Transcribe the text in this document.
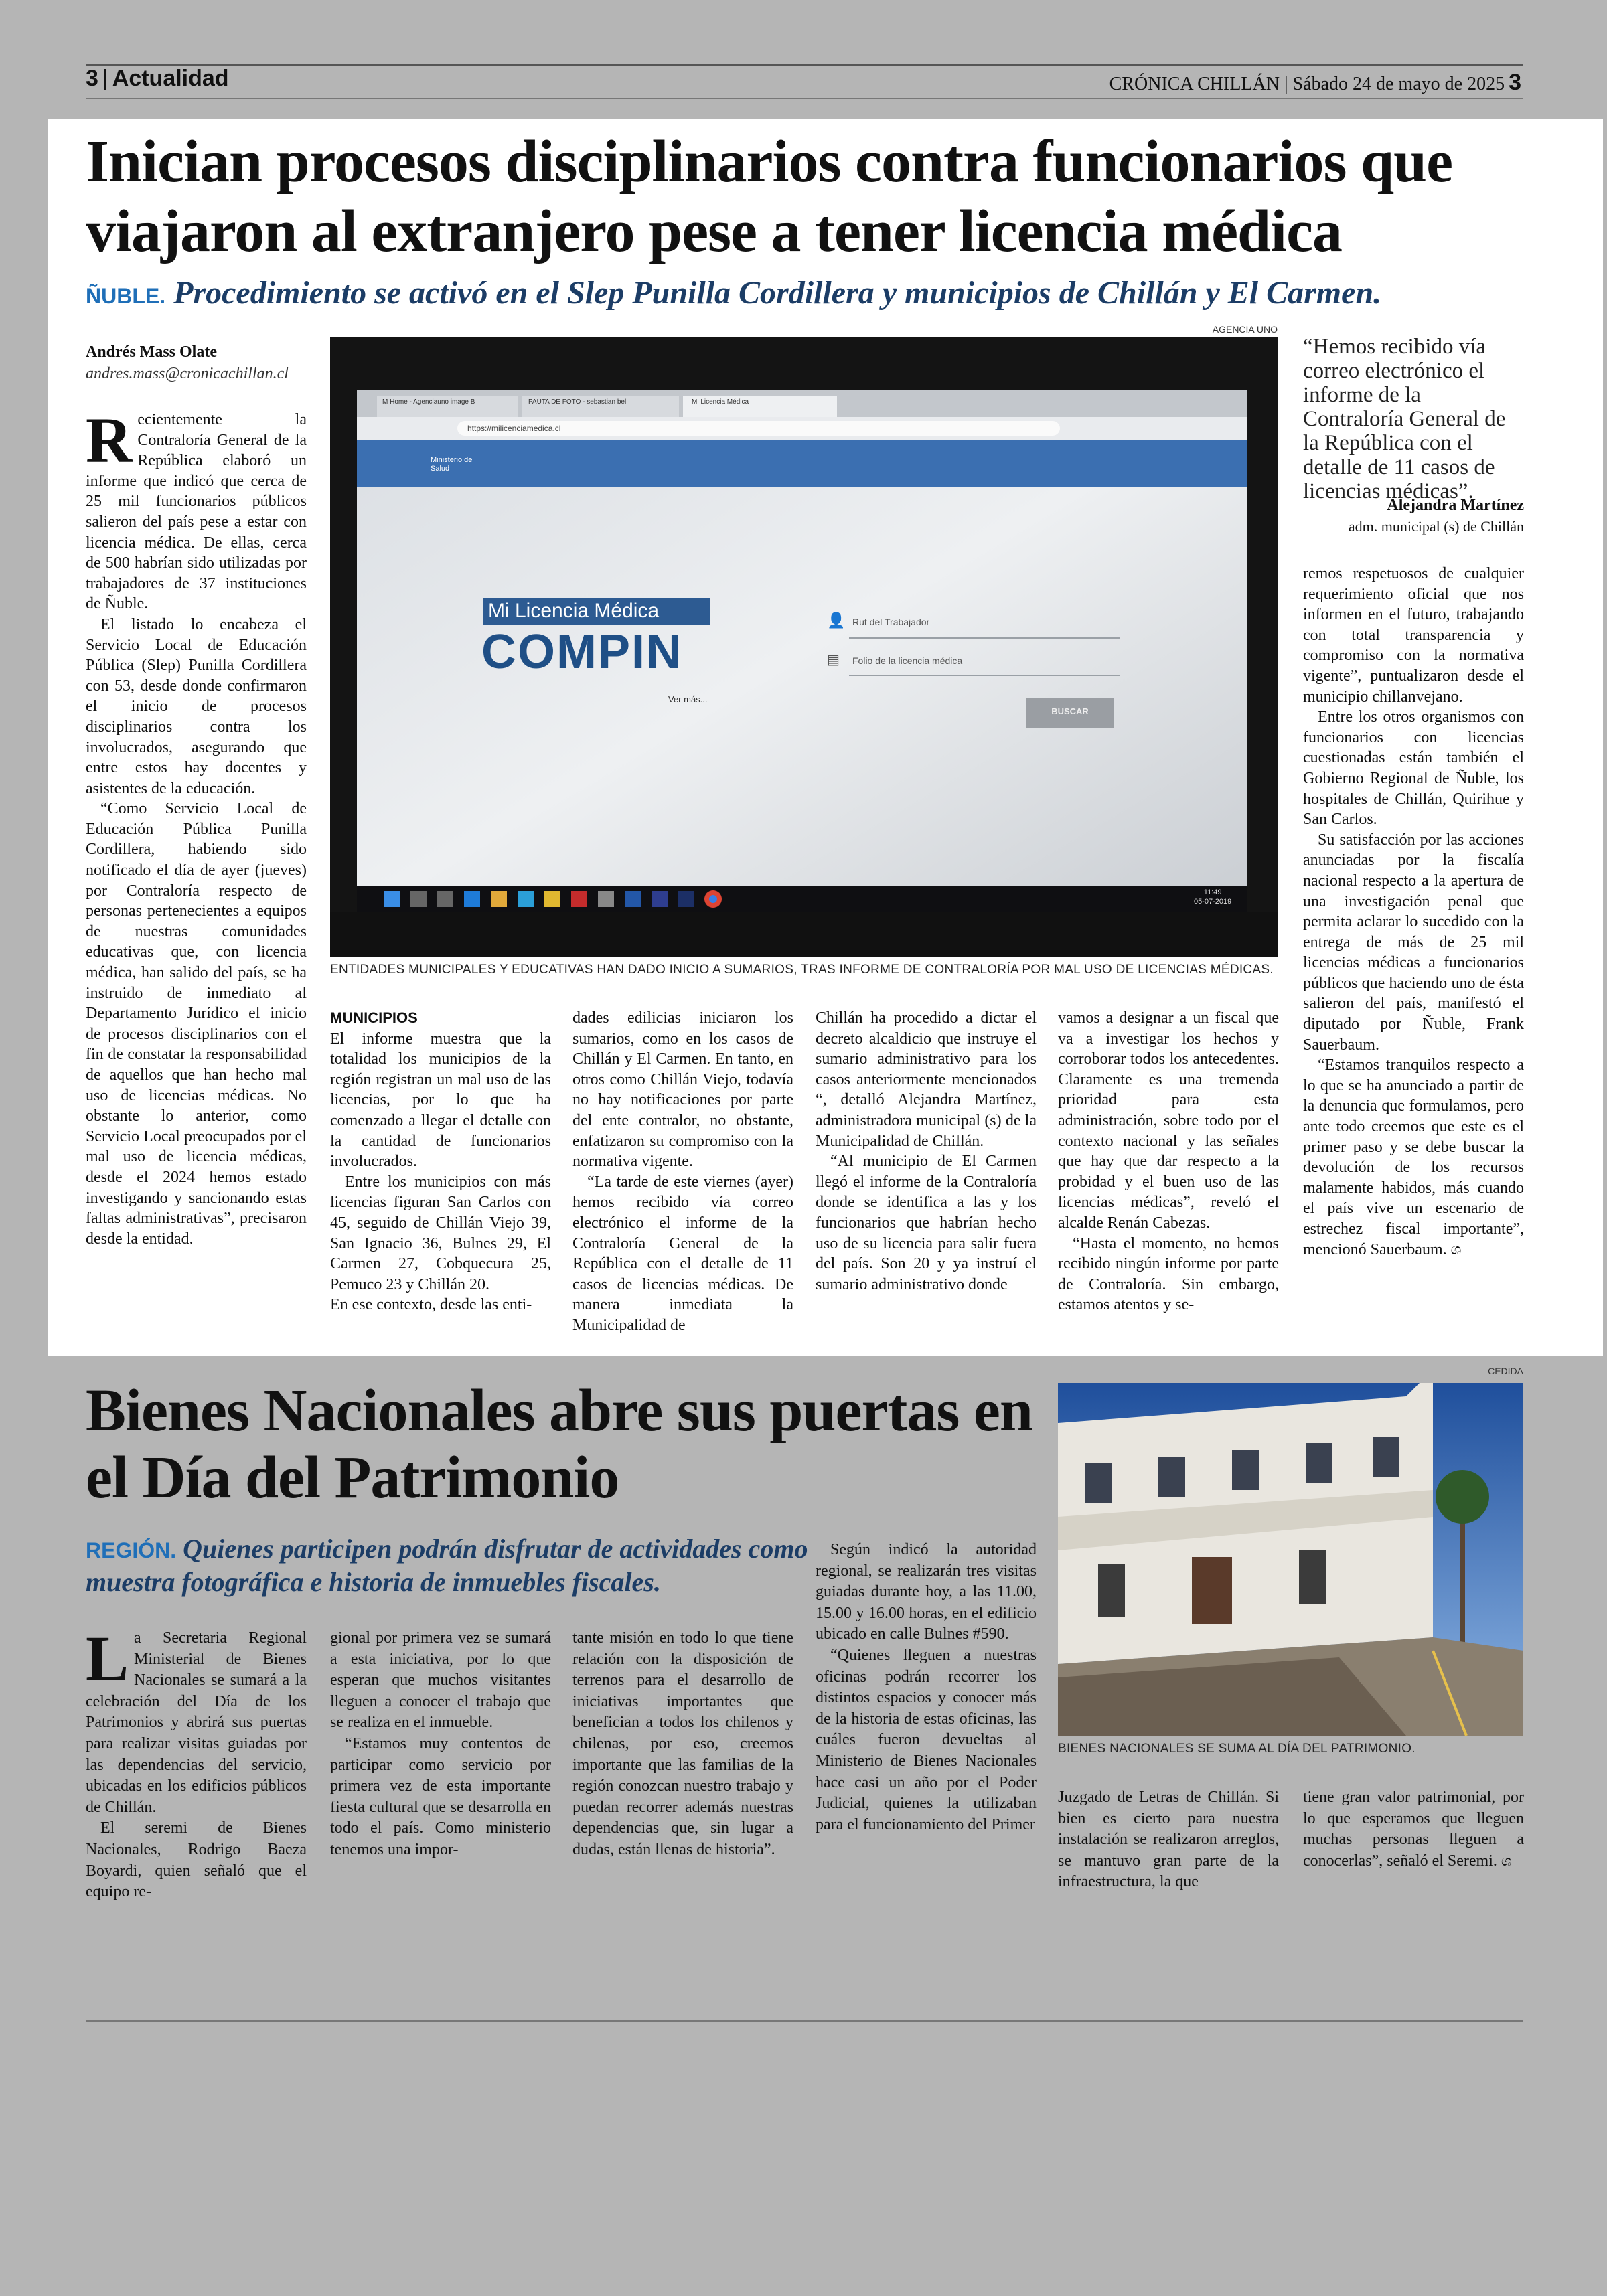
3 | Actualidad	CRÓNICA CHILLÁN | Sábado 24 de mayo de 2025 3
Inician procesos disciplinarios contra funcionarios que viajaron al extranjero pese a tener licencia médica
ÑUBLE. Procedimiento se activó en el Slep Punilla Cordillera y municipios de Chillán y El Carmen.
Andrés Mass Olate
andres.mass@cronicachillan.cl
AGENCIA UNO
M Home - Agenciauno image B	PAUTA DE FOTO - sebastian bel	Mi Licencia Médica
https://milicenciamedica.cl
Ministerio de Salud
Mi Licencia Médica
COMPIN
Ver más...
👤 Rut del Trabajador
▤ Folio de la licencia médica
BUSCAR
11:49
05-07-2019
ENTIDADES MUNICIPALES Y EDUCATIVAS HAN DADO INICIO A SUMARIOS, TRAS INFORME DE CONTRALORÍA POR MAL USO DE LICENCIAS MÉDICAS.

Recientemente la Contraloría General de la República elaboró un informe que indicó que cerca de 25 mil funcionarios públicos salieron del país pese a estar con licencia médica. De ellas, cerca de 500 habrían sido utilizadas por trabajadores de 37 instituciones de Ñuble.

El listado lo encabeza el Servicio Local de Educación Pública (Slep) Punilla Cordillera con 53, desde donde confirmaron el inicio de procesos disciplinarios contra los involucrados, asegurando que entre estos hay docentes y asistentes de la educación.

“Como Servicio Local de Educación Pública Punilla Cordillera, habiendo sido notificado el día de ayer (jueves) por Contraloría respecto de personas pertenecientes a equipos de nuestras comunidades educativas que, con licencia médica, han salido del país, se ha instruido de inmediato al Departamento Jurídico el inicio de procesos disciplinarios con el fin de constatar la responsabilidad de aquellos que han hecho mal uso de licencias médicas. No obstante lo anterior, como Servicio Local preocupados por el mal uso de licencia médicas, desde el 2024 hemos estado investigando y sancionando estas faltas administrativas”, precisaron desde la entidad.

MUNICIPIOS

El informe muestra que la totalidad los municipios de la región registran un mal uso de las licencias, por lo que ha comenzado a llegar el detalle con la cantidad de funcionarios involucrados.

Entre los municipios con más licencias figuran San Carlos con 45, seguido de Chillán Viejo 39, San Ignacio 36, Bulnes 29, El Carmen 27, Cobquecura 25, Pemuco 23 y Chillán 20.

En ese contexto, desde las enti-

dades edilicias iniciaron los sumarios, como en los casos de Chillán y El Carmen. En tanto, en otros como Chillán Viejo, todavía no hay notificaciones por parte del ente contralor, no obstante, enfatizaron su compromiso con la normativa vigente.

“La tarde de este viernes (ayer) hemos recibido vía correo electrónico el informe de la Contraloría General de la República con el detalle de 11 casos de licencias médicas. De manera inmediata la Municipalidad de

Chillán ha procedido a dictar el decreto alcaldicio que instruye el sumario administrativo para los casos anteriormente mencionados “, detalló Alejandra Martínez, administradora municipal (s) de la Municipalidad de Chillán.

“Al municipio de El Carmen llegó el informe de la Contraloría donde se identifica a las y los funcionarios que habrían hecho uso de su licencia para salir fuera del país. Son 20 y ya instruí el sumario administrativo donde

vamos a designar a un fiscal que va a investigar los hechos y corroborar todos los antecedentes. Claramente es una tremenda prioridad para esta administración, sobre todo por el contexto nacional y las señales que hay que dar respecto a la probidad y el buen uso de las licencias médicas”, reveló el alcalde Renán Cabezas.

“Hasta el momento, no hemos recibido ningún informe por parte de Contraloría. Sin embargo, estamos atentos y se-

“Hemos recibido vía correo electrónico el informe de la Contraloría General de la República con el detalle de 11 casos de licencias médicas”.
Alejandra Martínez
adm. municipal (s) de Chillán

remos respetuosos de cualquier requerimiento oficial que nos informen en el futuro, trabajando con total transparencia y compromiso con la normativa vigente”, puntualizaron desde el municipio chillanvejano.

Entre los otros organismos con funcionarios con licencias cuestionadas están también el Gobierno Regional de Ñuble, los hospitales de Chillán, Quirihue y San Carlos.

Su satisfacción por las acciones anunciadas por la fiscalía nacional respecto a la apertura de una investigación penal que permita aclarar lo sucedido con la entrega de más de 25 mil licencias médicas a funcionarios públicos que haciendo uno de ésta salieron del país, manifestó el diputado por Ñuble, Frank Sauerbaum.

“Estamos tranquilos respecto a lo que se ha anunciado a partir de la denuncia que formulamos, pero ante todo creemos que este es el primer paso y se debe buscar la devolución de los recursos malamente habidos, más cuando el país vive un escenario de estrechez fiscal importante”, mencionó Sauerbaum. ශ

Bienes Nacionales abre sus puertas en el Día del Patrimonio
REGIÓN. Quienes participen podrán disfrutar de actividades como muestra fotográfica e historia de inmuebles fiscales.
CEDIDA
BIENES NACIONALES SE SUMA AL DÍA DEL PATRIMONIO.

La Secretaria Regional Ministerial de Bienes Nacionales se sumará a la celebración del Día de los Patrimonios y abrirá sus puertas para realizar visitas guiadas por las dependencias del servicio, ubicadas en los edificios públicos de Chillán.

El seremi de Bienes Nacionales, Rodrigo Baeza Boyardi, quien señaló que el equipo re-

gional por primera vez se sumará a esta iniciativa, por lo que esperan que muchos visitantes lleguen a conocer el trabajo que se realiza en el inmueble.

“Estamos muy contentos de participar como servicio por primera vez de esta importante fiesta cultural que se desarrolla en todo el país. Como ministerio tenemos una impor-

tante misión en todo lo que tiene relación con la disposición de terrenos para el desarrollo de iniciativas importantes que benefician a todos los chilenos y chilenas, por eso, creemos importante que las familias de la región conozcan nuestro trabajo y puedan recorrer además nuestras dependencias que, sin lugar a dudas, están llenas de historia”.

Según indicó la autoridad regional, se realizarán tres visitas guiadas durante hoy, a las 11.00, 15.00 y 16.00 horas, en el edificio ubicado en calle Bulnes #590.

“Quienes lleguen a nuestras oficinas podrán recorrer los distintos espacios y conocer más de la historia de estas oficinas, las cuáles fueron devueltas al Ministerio de Bienes Nacionales hace casi un año por el Poder Judicial, quienes la utilizaban para el funcionamiento del Primer

Juzgado de Letras de Chillán. Si bien es cierto para nuestra instalación se realizaron arreglos, se mantuvo gran parte de la infraestructura, la que

tiene gran valor patrimonial, por lo que esperamos que lleguen muchas personas lleguen a conocerlas”, señaló el Seremi. ශ
